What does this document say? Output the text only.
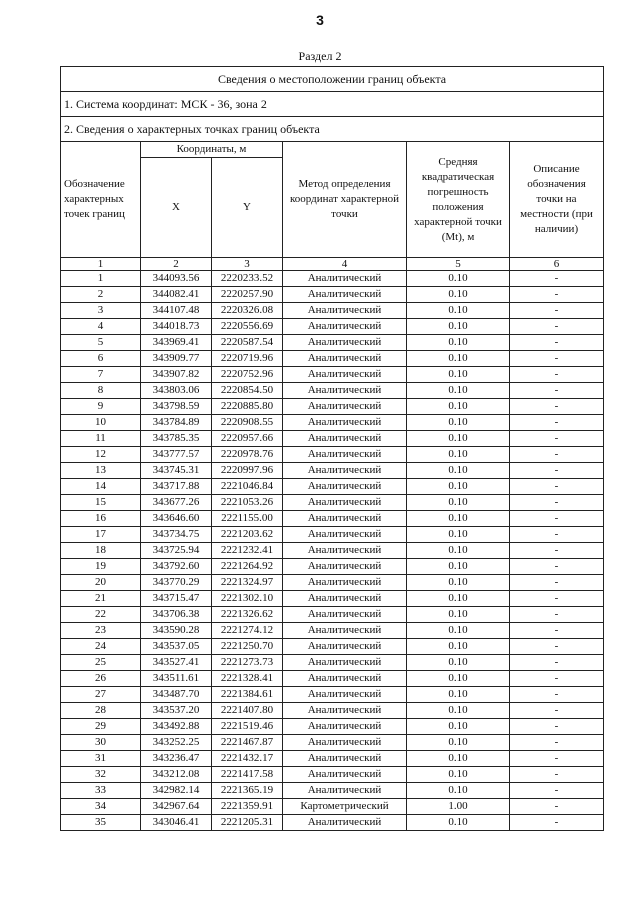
3
Раздел 2
Сведения о местоположении границ объекта					
1. Система координат: МСК - 36, зона 2					
2. Сведения о характерных точках границ объекта					
Обозначение характерных точек границ	Координаты, м		Метод определения координат характерной точки	Средняя квадратическая погрешность положения характерной точки (Mt), м	Описание обозначения точки на местности (при наличии)
	X	Y			
1	2	3	4	5	6
1	344093.56	2220233.52	Аналитический	0.10	-
2	344082.41	2220257.90	Аналитический	0.10	-
3	344107.48	2220326.08	Аналитический	0.10	-
4	344018.73	2220556.69	Аналитический	0.10	-
5	343969.41	2220587.54	Аналитический	0.10	-
6	343909.77	2220719.96	Аналитический	0.10	-
7	343907.82	2220752.96	Аналитический	0.10	-
8	343803.06	2220854.50	Аналитический	0.10	-
9	343798.59	2220885.80	Аналитический	0.10	-
10	343784.89	2220908.55	Аналитический	0.10	-
11	343785.35	2220957.66	Аналитический	0.10	-
12	343777.57	2220978.76	Аналитический	0.10	-
13	343745.31	2220997.96	Аналитический	0.10	-
14	343717.88	2221046.84	Аналитический	0.10	-
15	343677.26	2221053.26	Аналитический	0.10	-
16	343646.60	2221155.00	Аналитический	0.10	-
17	343734.75	2221203.62	Аналитический	0.10	-
18	343725.94	2221232.41	Аналитический	0.10	-
19	343792.60	2221264.92	Аналитический	0.10	-
20	343770.29	2221324.97	Аналитический	0.10	-
21	343715.47	2221302.10	Аналитический	0.10	-
22	343706.38	2221326.62	Аналитический	0.10	-
23	343590.28	2221274.12	Аналитический	0.10	-
24	343537.05	2221250.70	Аналитический	0.10	-
25	343527.41	2221273.73	Аналитический	0.10	-
26	343511.61	2221328.41	Аналитический	0.10	-
27	343487.70	2221384.61	Аналитический	0.10	-
28	343537.20	2221407.80	Аналитический	0.10	-
29	343492.88	2221519.46	Аналитический	0.10	-
30	343252.25	2221467.87	Аналитический	0.10	-
31	343236.47	2221432.17	Аналитический	0.10	-
32	343212.08	2221417.58	Аналитический	0.10	-
33	342982.14	2221365.19	Аналитический	0.10	-
34	342967.64	2221359.91	Картометрический	1.00	-
35	343046.41	2221205.31	Аналитический	0.10	-
